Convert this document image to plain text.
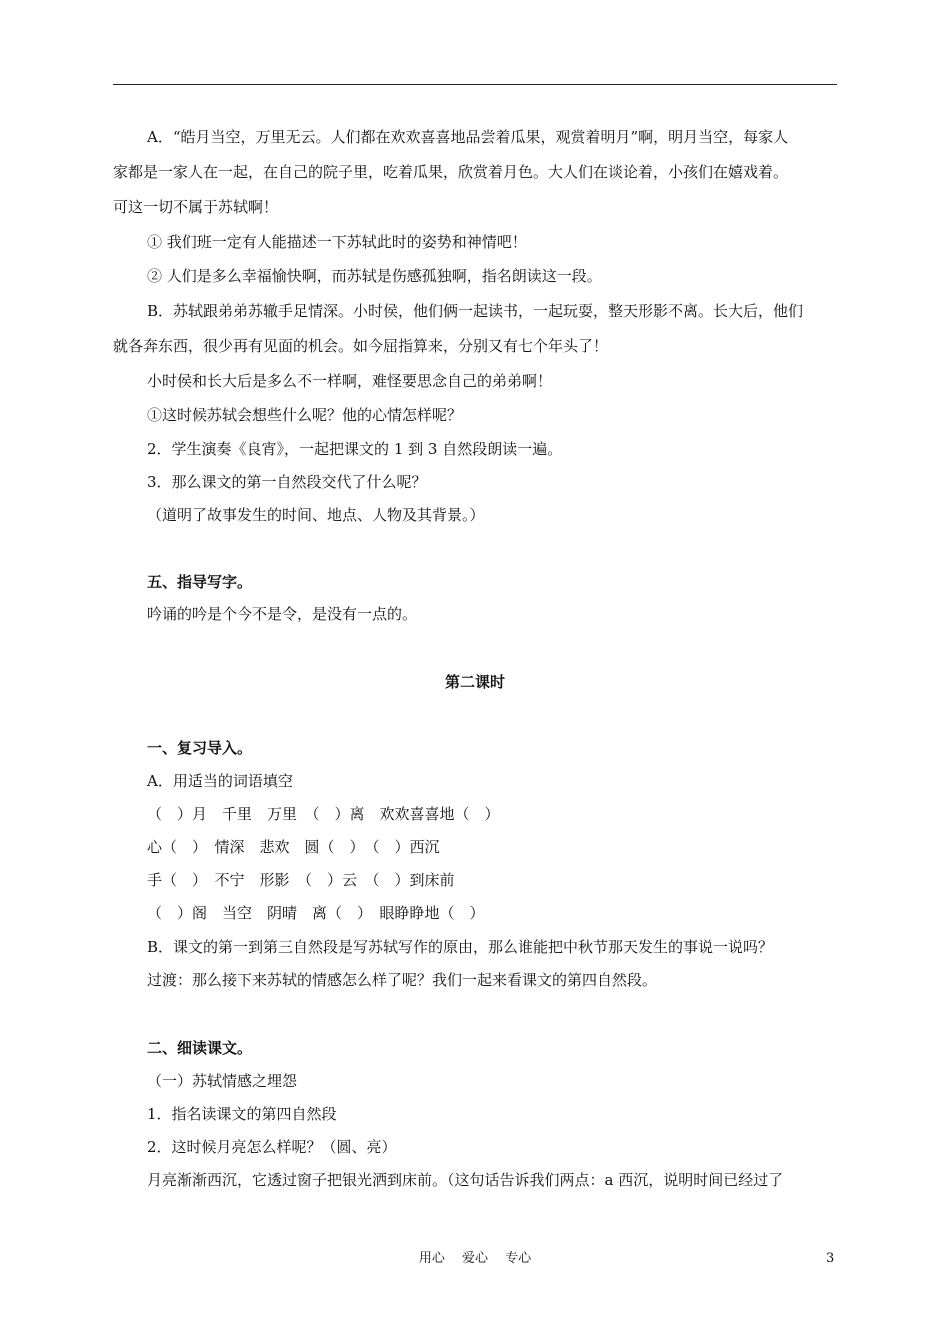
A．“皓月当空，万里无云。人们都在欢欢喜喜地品尝着瓜果，观赏着明月”啊，明月当空，每家人
家都是一家人在一起，在自己的院子里，吃着瓜果，欣赏着月色。大人们在谈论着，小孩们在嬉戏着。
可这一切不属于苏轼啊！
① 我们班一定有人能描述一下苏轼此时的姿势和神情吧！
② 人们是多么幸福愉快啊，而苏轼是伤感孤独啊，指名朗读这一段。
B．苏轼跟弟弟苏辙手足情深。小时侯，他们俩一起读书，一起玩耍，整天形影不离。长大后，他们
就各奔东西，很少再有见面的机会。如今屈指算来，分别又有七个年头了！
小时侯和长大后是多么不一样啊，难怪要思念自己的弟弟啊！
①这时候苏轼会想些什么呢？他的心情怎样呢？
2．学生演奏《良宵》，一起把课文的 1 到 3 自然段朗读一遍。
3．那么课文的第一自然段交代了什么呢？
（道明了故事发生的时间、地点、人物及其背景。）
五、指导写字。
吟诵的吟是个今不是令，是没有一点的。
第二课时
一、复习导入。
A．用适当的词语填空
（　）月　千里　万里　（　）离　欢欢喜喜地（　）
心（　）　情深　悲欢　圆（　）　（　）西沉
手（　）　不宁　形影　（　）云　（　）到床前
（　）阁　当空　阴晴　离（　）　眼睁睁地（　）
B．课文的第一到第三自然段是写苏轼写作的原由，那么谁能把中秋节那天发生的事说一说吗？
过渡：那么接下来苏轼的情感怎么样了呢？我们一起来看课文的第四自然段。
二、细读课文。
（一）苏轼情感之埋怨
1．指名读课文的第四自然段
2．这时候月亮怎么样呢？（圆、亮）
月亮渐渐西沉，它透过窗子把银光洒到床前。（这句话告诉我们两点：a 西沉，说明时间已经过了
用心　 爱心　 专心	3
